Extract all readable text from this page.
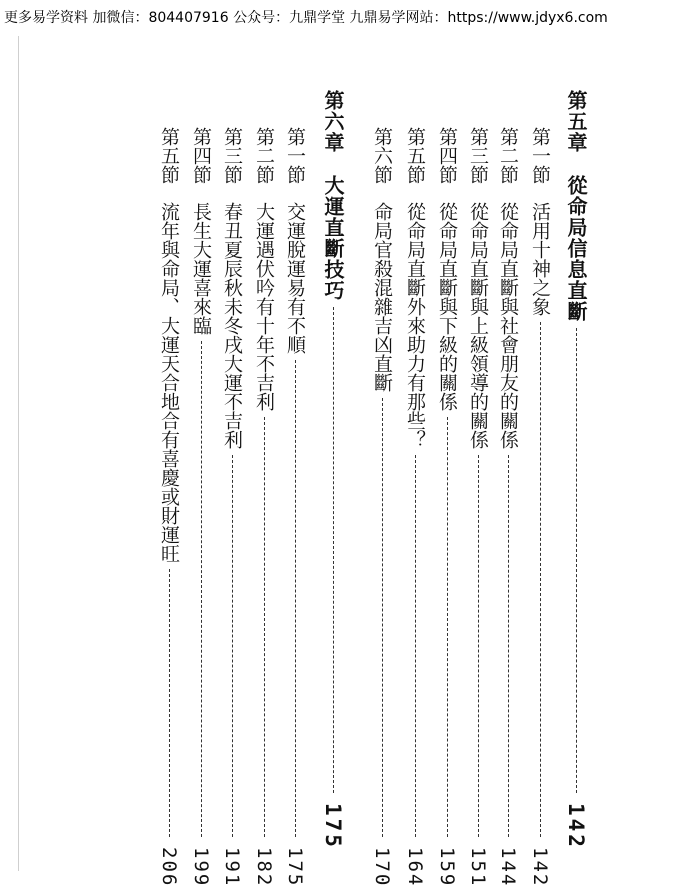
更多易学资料 加微信：804407916 公众号：九鼎学堂 九鼎易学网站：https://www.jdyx6.com
第五章
從命局信息直斷
142
第一節
活用十神之象
142
第二節
從命局直斷與社會朋友的關係
144
第三節
從命局直斷與上級領導的關係
151
第四節
從命局直斷與下級的關係
159
第五節
從命局直斷外來助力有那些？
164
第六節
命局官殺混雜吉凶直斷
170
第六章
大運直斷技巧
175
第一節
交運脫運易有不順
175
第二節
大運遇伏吟有十年不吉利
182
第三節
春丑夏辰秋未冬戌大運不吉利
191
第四節
長生大運喜來臨
199
第五節
流年與命局、大運天合地合有喜慶或財運旺
206
